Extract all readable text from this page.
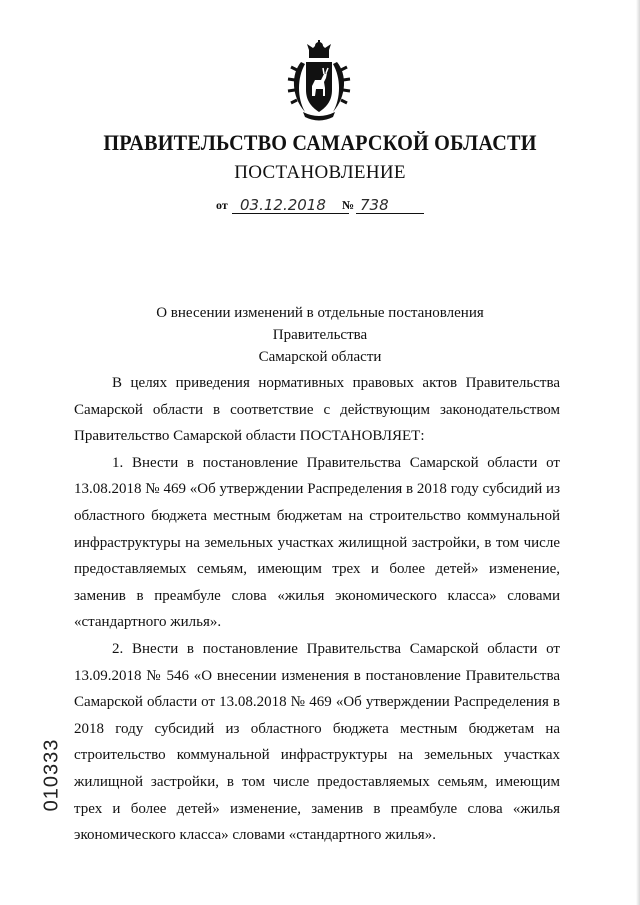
ПРАВИТЕЛЬСТВО САМАРСКОЙ ОБЛАСТИ
ПОСТАНОВЛЕНИЕ
от 03.12.2018 № 738
О внесении изменений в отдельные постановления Правительства
Самарской области

В целях приведения нормативных правовых актов Правительства Самарской области в соответствие с действующим законодательством Правительство Самарской области ПОСТАНОВЛЯЕТ:

1. Внести в постановление Правительства Самарской области от 13.08.2018 № 469 «Об утверждении Распределения в 2018 году субсидий из областного бюджета местным бюджетам на строительство коммунальной инфраструктуры на земельных участках жилищной застройки, в том числе предоставляемых семьям, имеющим трех и более детей» изменение, заменив в преамбуле слова «жилья экономического класса» словами «стандартного жилья».

2. Внести в постановление Правительства Самарской области от 13.09.2018 № 546 «О внесении изменения в постановление Правительства Самарской области от 13.08.2018 № 469 «Об утверждении Распределения в 2018 году субсидий из областного бюджета местным бюджетам на строительство коммунальной инфраструктуры на земельных участках жилищной застройки, в том числе предоставляемых семьям, имеющим трех и более детей» изменение, заменив в преамбуле слова «жилья экономического класса» словами «стандартного жилья».

010333
